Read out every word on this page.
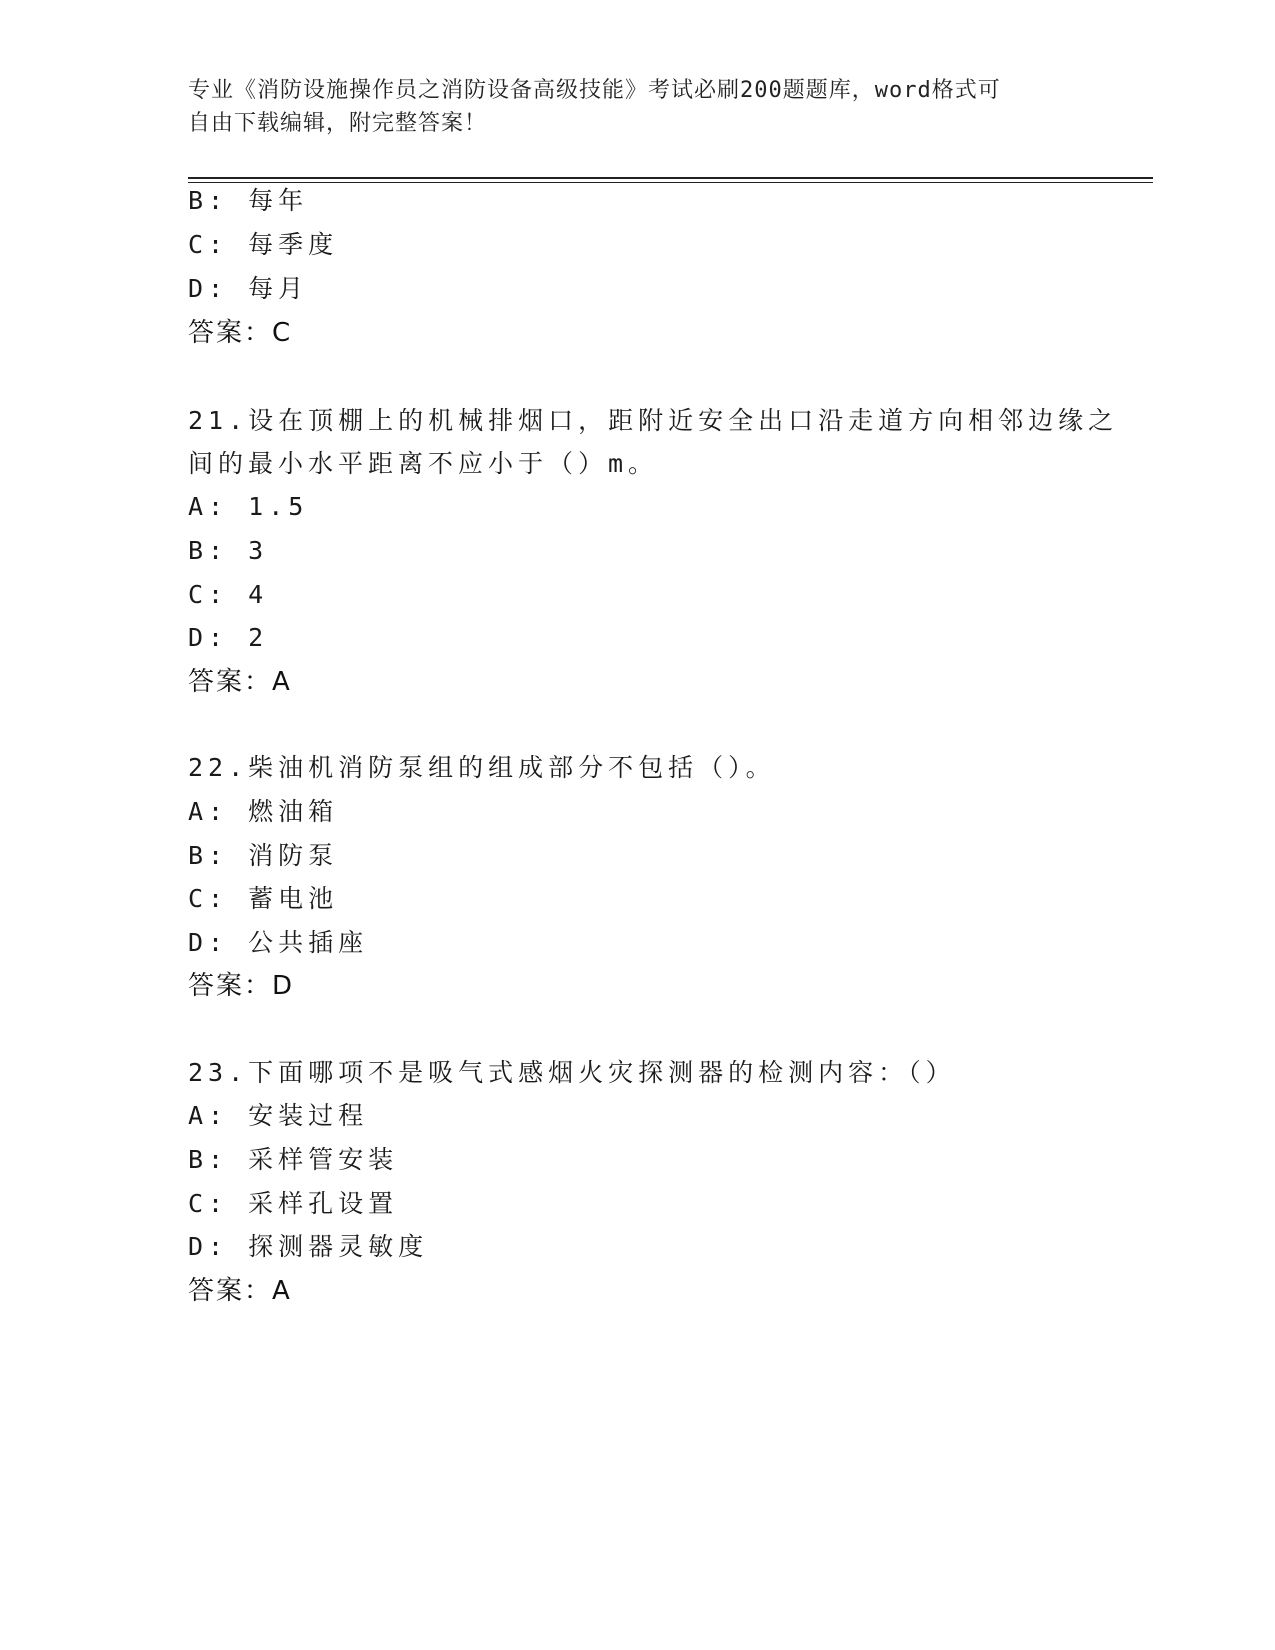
专业《消防设施操作员之消防设备高级技能》考试必刷200题题库，word格式可
自由下载编辑，附完整答案！
B: 每年
C: 每季度
D: 每月
答案：C
21.设在顶棚上的机械排烟口，距附近安全出口沿走道方向相邻边缘之
间的最小水平距离不应小于（）m。
A: 1.5
B: 3
C: 4
D: 2
答案：A
22.柴油机消防泵组的组成部分不包括（）。
A: 燃油箱
B: 消防泵
C: 蓄电池
D: 公共插座
答案：D
23.下面哪项不是吸气式感烟火灾探测器的检测内容：（）
A: 安装过程
B: 采样管安装
C: 采样孔设置
D: 探测器灵敏度
答案：A
